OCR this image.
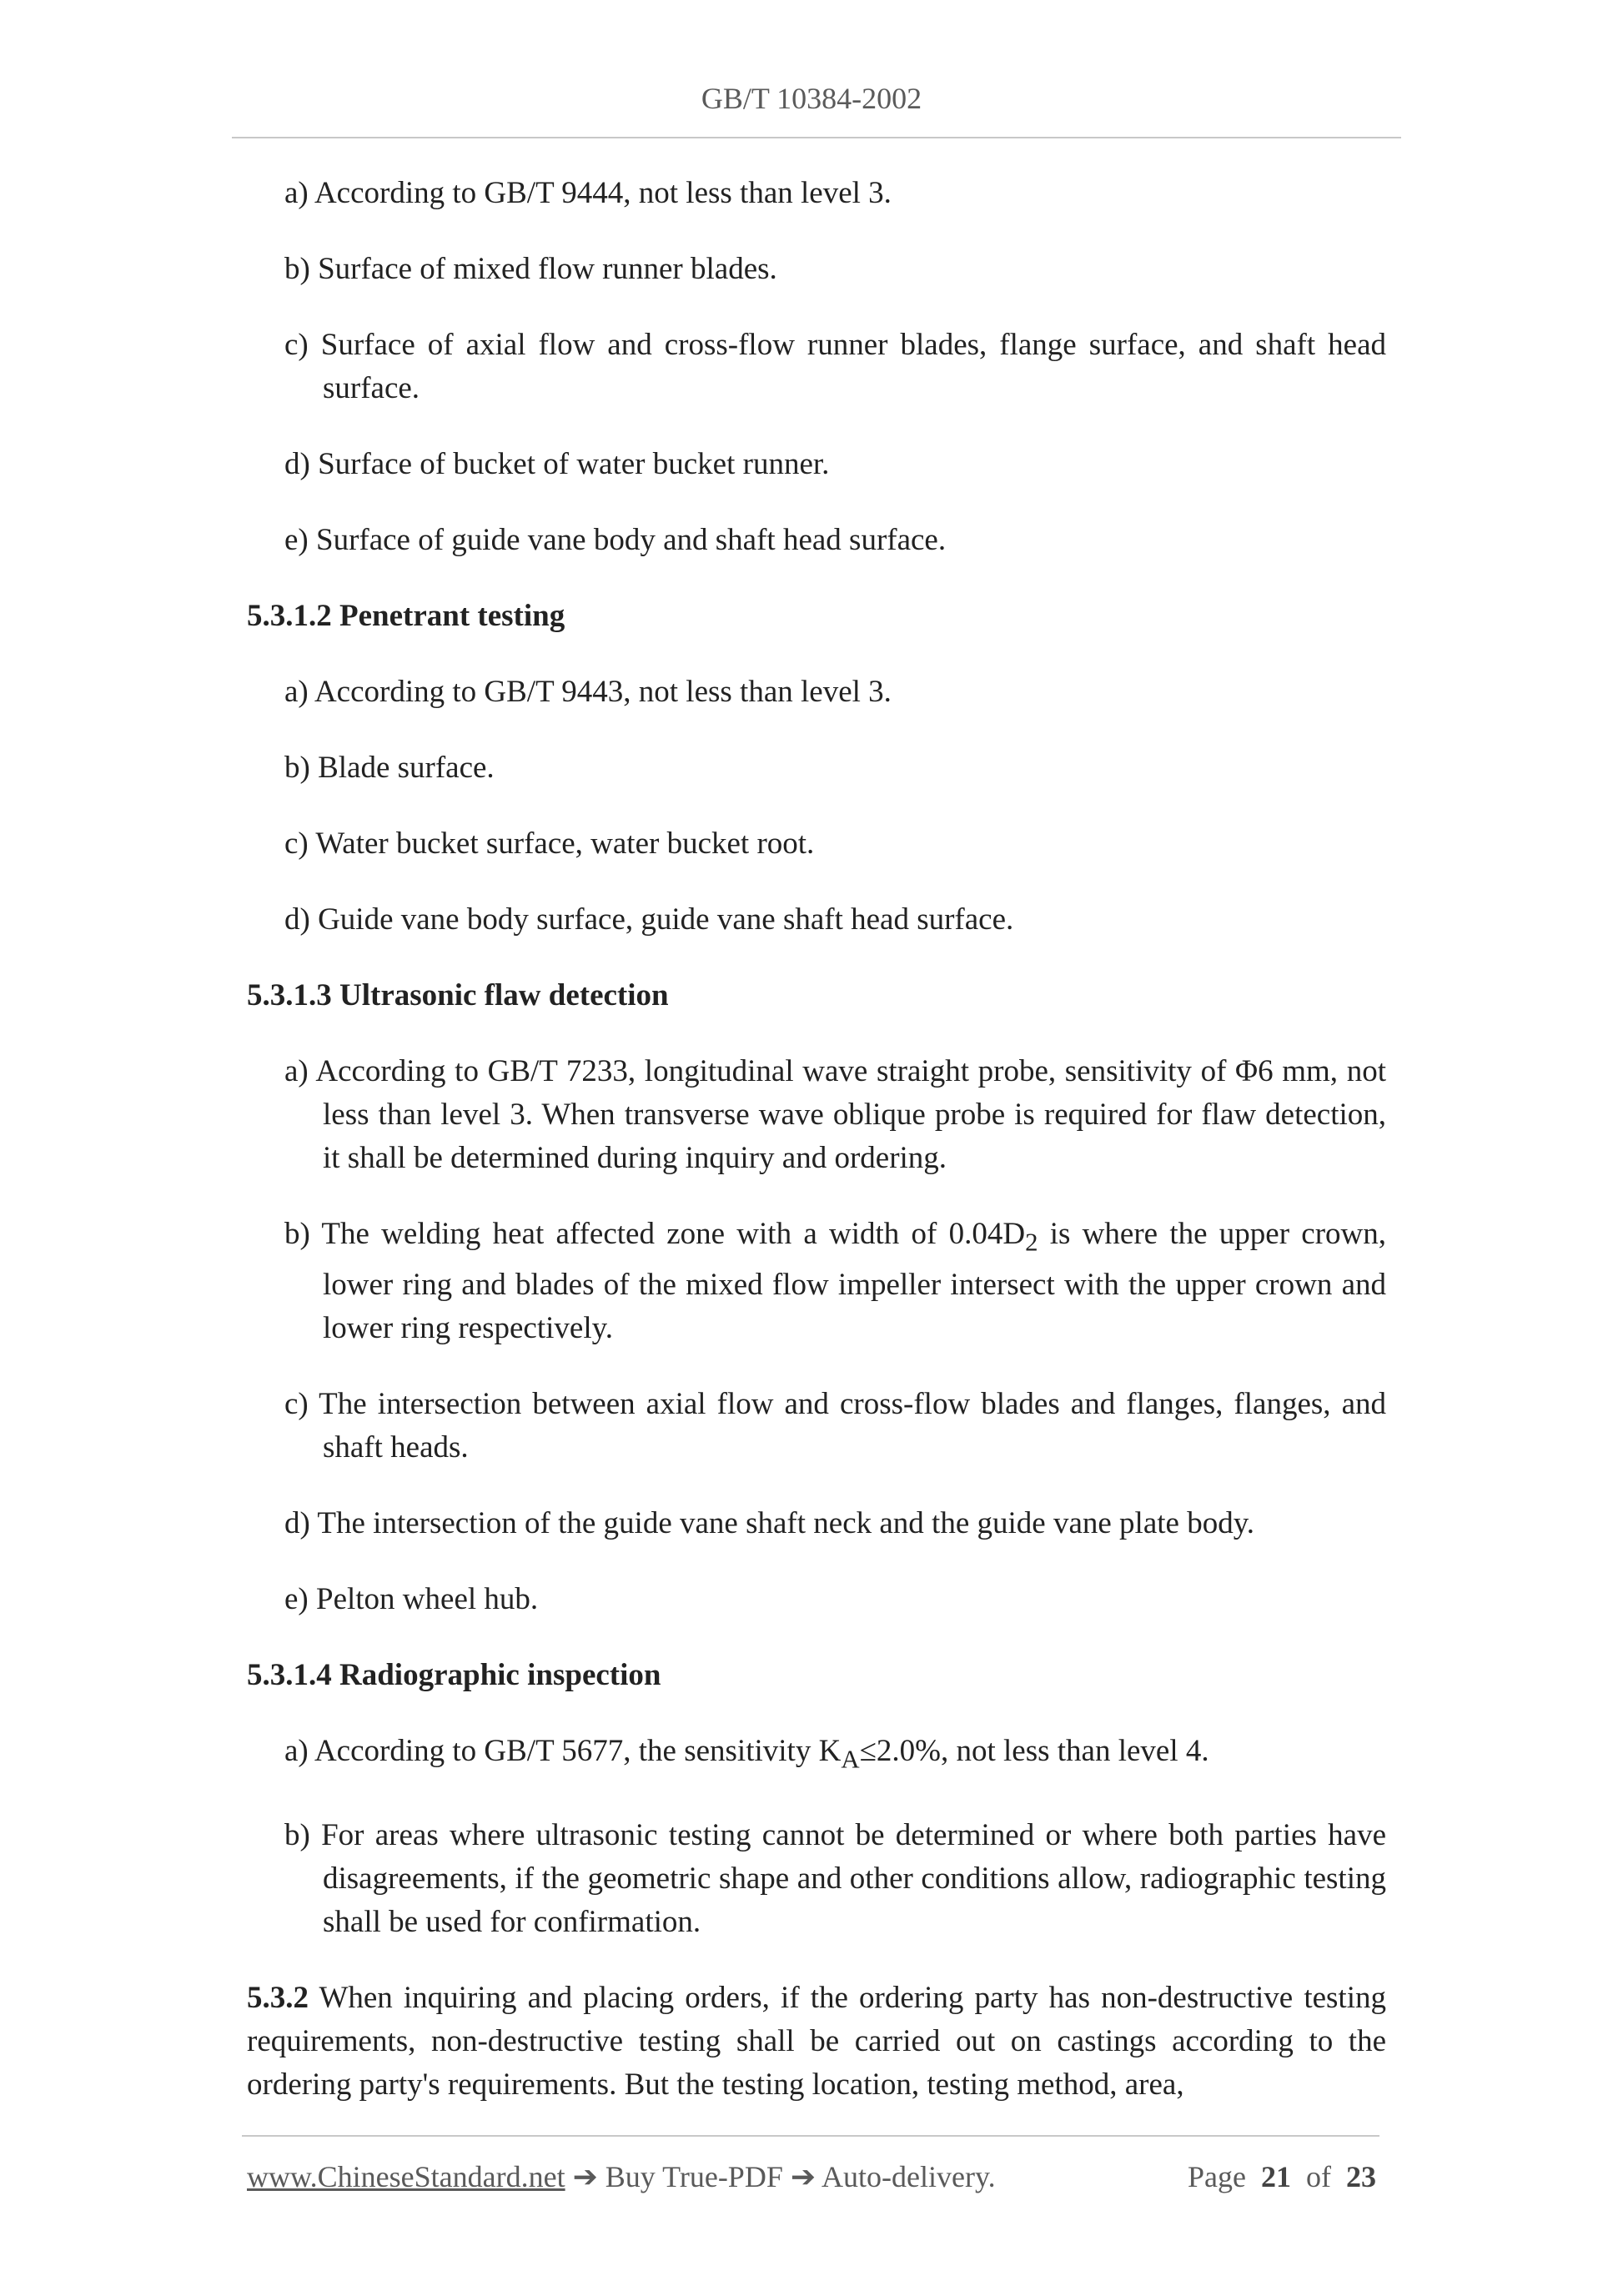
GB/T 10384-2002
a) According to GB/T 9444, not less than level 3.
b) Surface of mixed flow runner blades.
c) Surface of axial flow and cross-flow runner blades, flange surface, and shaft head surface.
d) Surface of bucket of water bucket runner.
e) Surface of guide vane body and shaft head surface.
5.3.1.2 Penetrant testing
a) According to GB/T 9443, not less than level 3.
b) Blade surface.
c) Water bucket surface, water bucket root.
d) Guide vane body surface, guide vane shaft head surface.
5.3.1.3 Ultrasonic flaw detection
a) According to GB/T 7233, longitudinal wave straight probe, sensitivity of Φ6 mm, not less than level 3. When transverse wave oblique probe is required for flaw detection, it shall be determined during inquiry and ordering.
b) The welding heat affected zone with a width of $0.04D_2$ is where the upper crown, lower ring and blades of the mixed flow impeller intersect with the upper crown and lower ring respectively.
c) The intersection between axial flow and cross-flow blades and flanges, flanges, and shaft heads.
d) The intersection of the guide vane shaft neck and the guide vane plate body.
e) Pelton wheel hub.
5.3.1.4 Radiographic inspection
a) According to GB/T 5677, the sensitivity $K_A\le 2.0\%$, not less than level 4.
b) For areas where ultrasonic testing cannot be determined or where both parties have disagreements, if the geometric shape and other conditions allow, radiographic testing shall be used for confirmation.
5.3.2 When inquiring and placing orders, if the ordering party has non-destructive testing requirements, non-destructive testing shall be carried out on castings according to the ordering party's requirements. But the testing location, testing method, area,
www.ChineseStandard.net ➔ Buy True-PDF ➔ Auto-delivery.	Page 21 of 23
